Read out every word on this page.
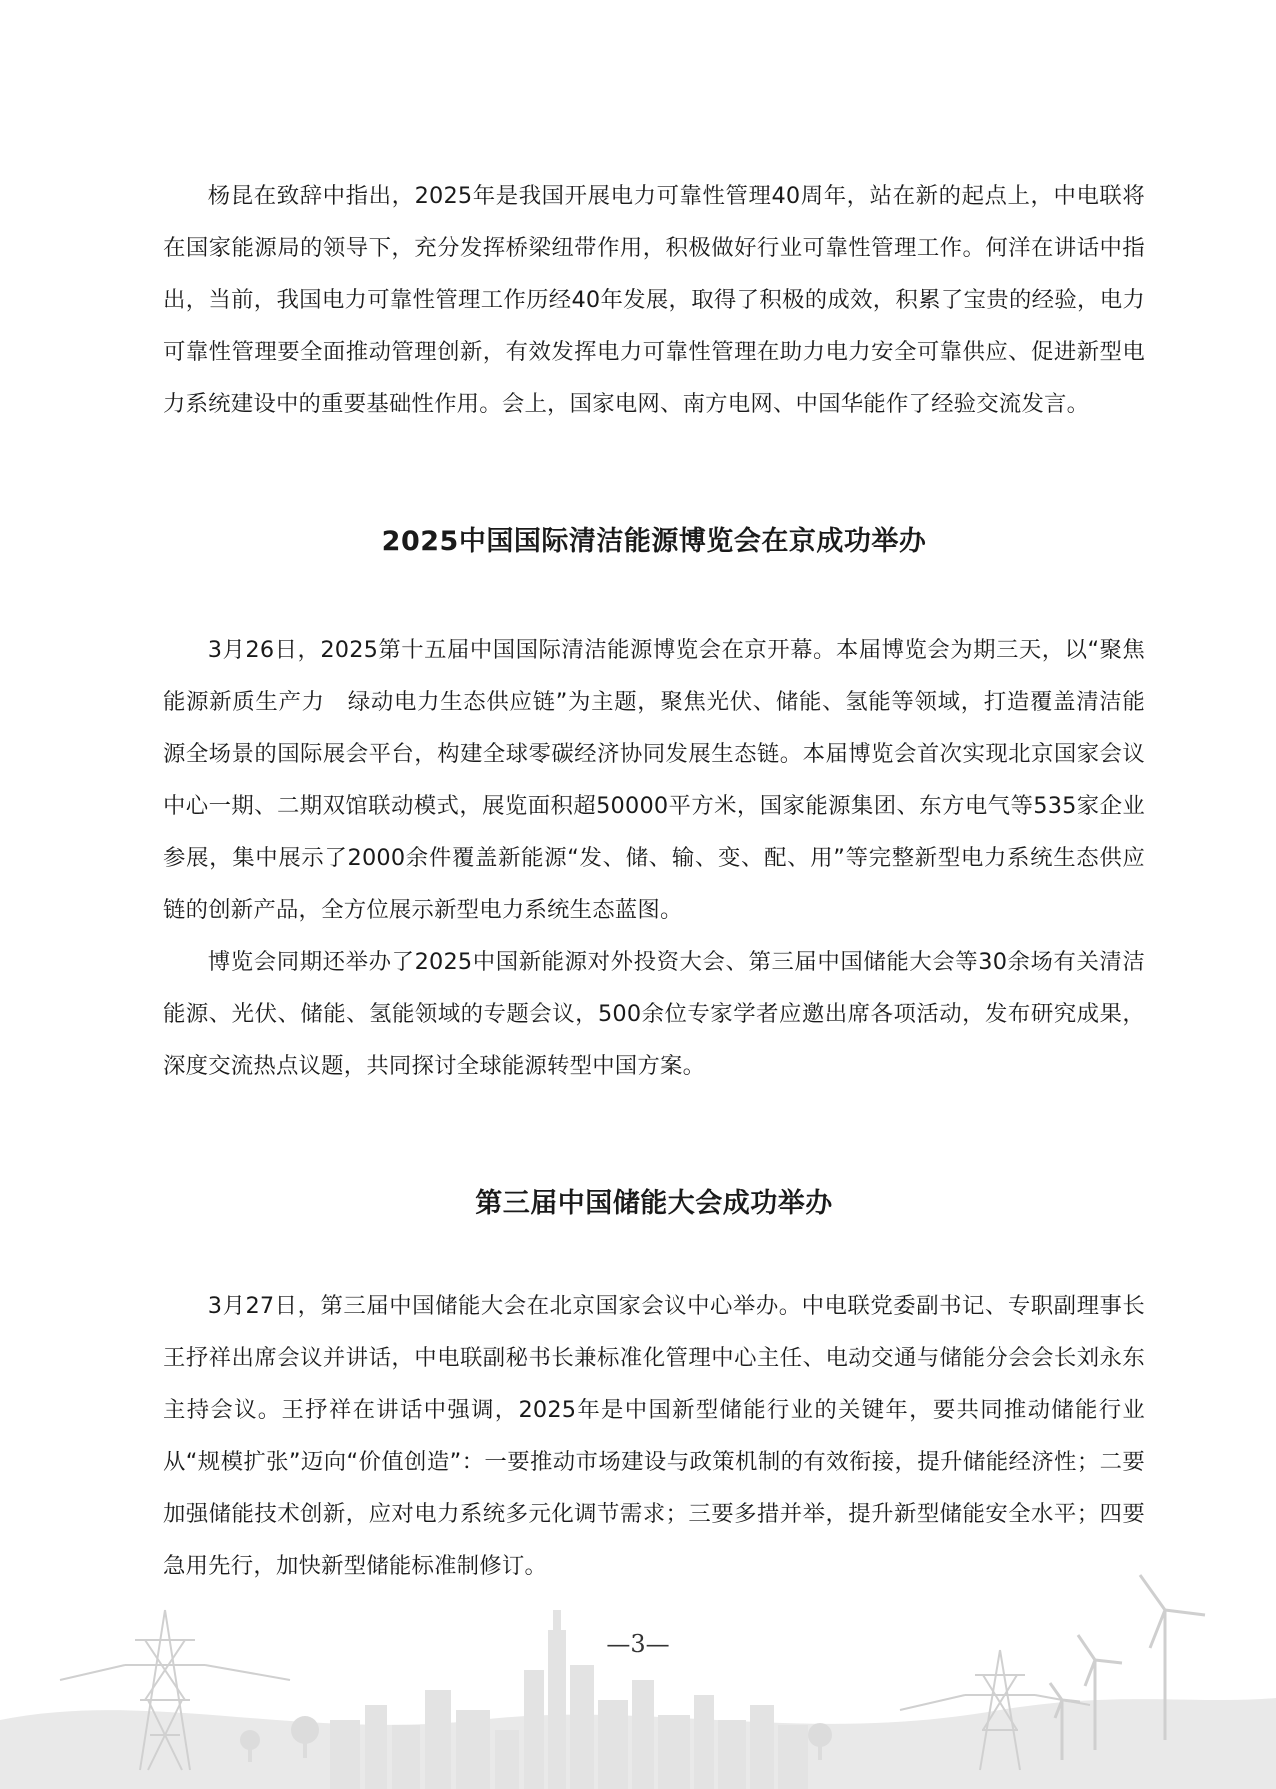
杨昆在致辞中指出，2025年是我国开展电力可靠性管理40周年，站在新的起点上，中电联将在国家能源局的领导下，充分发挥桥梁纽带作用，积极做好行业可靠性管理工作。何洋在讲话中指出，当前，我国电力可靠性管理工作历经40年发展，取得了积极的成效，积累了宝贵的经验，电力可靠性管理要全面推动管理创新，有效发挥电力可靠性管理在助力电力安全可靠供应、促进新型电力系统建设中的重要基础性作用。会上，国家电网、南方电网、中国华能作了经验交流发言。

2025中国国际清洁能源博览会在京成功举办

3月26日，2025第十五届中国国际清洁能源博览会在京开幕。本届博览会为期三天，以“聚焦能源新质生产力　绿动电力生态供应链”为主题，聚焦光伏、储能、氢能等领域，打造覆盖清洁能源全场景的国际展会平台，构建全球零碳经济协同发展生态链。本届博览会首次实现北京国家会议中心一期、二期双馆联动模式，展览面积超50000平方米，国家能源集团、东方电气等535家企业参展，集中展示了2000余件覆盖新能源“发、储、输、变、配、用”等完整新型电力系统生态供应链的创新产品，全方位展示新型电力系统生态蓝图。

博览会同期还举办了2025中国新能源对外投资大会、第三届中国储能大会等30余场有关清洁能源、光伏、储能、氢能领域的专题会议，500余位专家学者应邀出席各项活动，发布研究成果，深度交流热点议题，共同探讨全球能源转型中国方案。

第三届中国储能大会成功举办

3月27日，第三届中国储能大会在北京国家会议中心举办。中电联党委副书记、专职副理事长王抒祥出席会议并讲话，中电联副秘书长兼标准化管理中心主任、电动交通与储能分会会长刘永东主持会议。王抒祥在讲话中强调，2025年是中国新型储能行业的关键年，要共同推动储能行业从“规模扩张”迈向“价值创造”：一要推动市场建设与政策机制的有效衔接，提升储能经济性；二要加强储能技术创新，应对电力系统多元化调节需求；三要多措并举，提升新型储能安全水平；四要急用先行，加快新型储能标准制修订。

—3—
